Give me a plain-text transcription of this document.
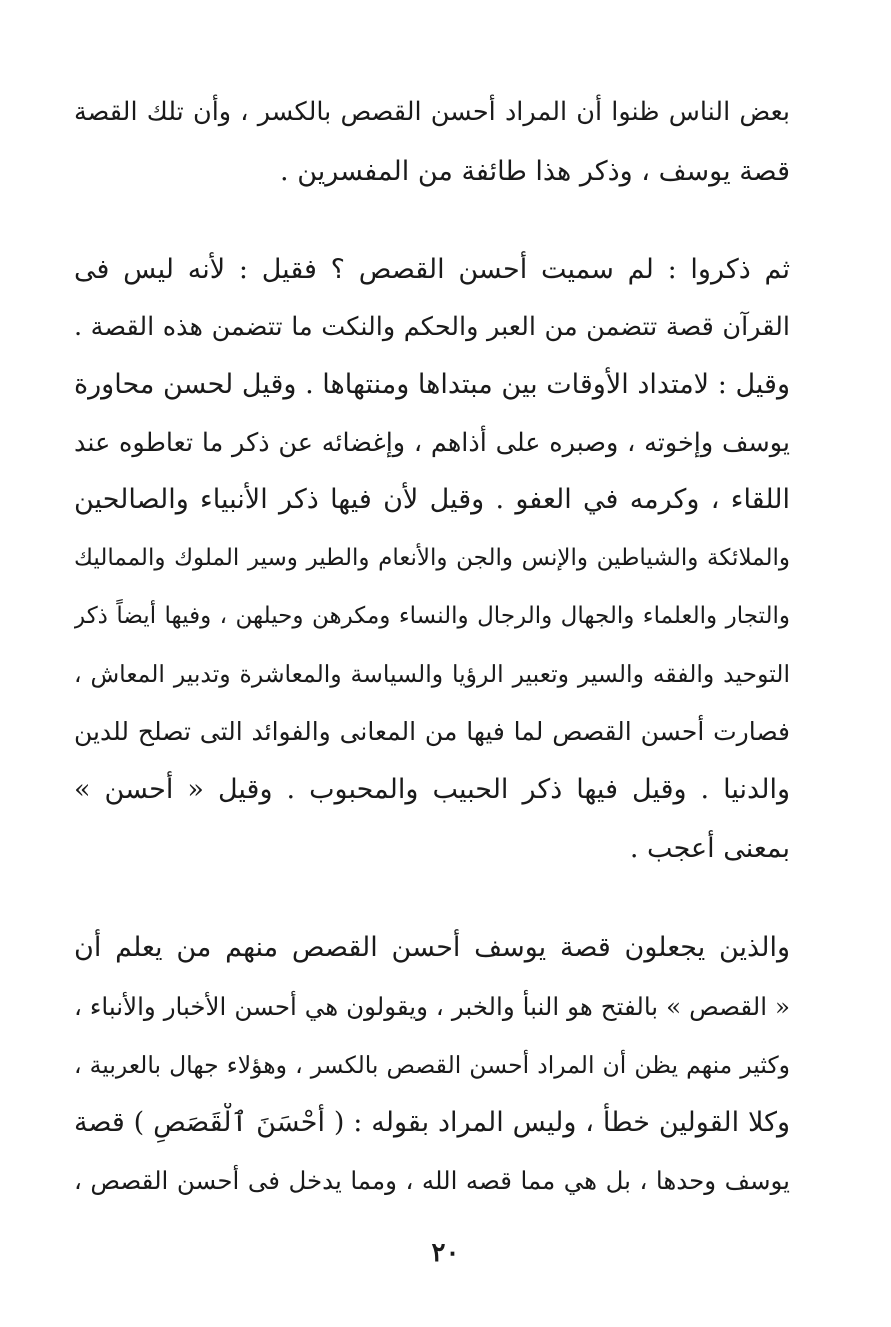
بعض الناس ظنوا أن المراد أحسن القصص بالكسر ، وأن تلك القصة
قصة يوسف ، وذكر هذا طائفة من المفسرين .
ثم ذكروا : لم سميت أحسن القصص ؟ فقيل : لأنه ليس فى
القرآن قصة تتضمن من العبر والحكم والنكت ما تتضمن هذه القصة .
وقيل : لامتداد الأوقات بين مبتداها ومنتهاها . وقيل لحسن محاورة
يوسف وإخوته ، وصبره على أذاهم ، وإغضائه عن ذكر ما تعاطوه عند
اللقاء ، وكرمه في العفو . وقيل لأن فيها ذكر الأنبياء والصالحين
والملائكة والشياطين والإنس والجن والأنعام والطير وسير الملوك والمماليك
والتجار والعلماء والجهال والرجال والنساء ومكرهن وحيلهن ، وفيها أيضاً ذكر
التوحيد والفقه والسير وتعبير الرؤيا والسياسة والمعاشرة وتدبير المعاش ،
فصارت أحسن القصص لما فيها من المعانى والفوائد التى تصلح للدين
والدنيا . وقيل فيها ذكر الحبيب والمحبوب . وقيل « أحسن »
بمعنى أعجب .
والذين يجعلون قصة يوسف أحسن القصص منهم من يعلم أن
« القصص » بالفتح هو النبأ والخبر ، ويقولون هي أحسن الأخبار والأنباء ،
وكثير منهم يظن أن المراد أحسن القصص بالكسر ، وهؤلاء جهال بالعربية ،
وكلا القولين خطأ ، وليس المراد بقوله : ( أَحْسَنَ ٱلْقَصَصِ ) قصة
يوسف وحدها ، بل هي مما قصه الله ، ومما يدخل فى أحسن القصص ،
٢٠
